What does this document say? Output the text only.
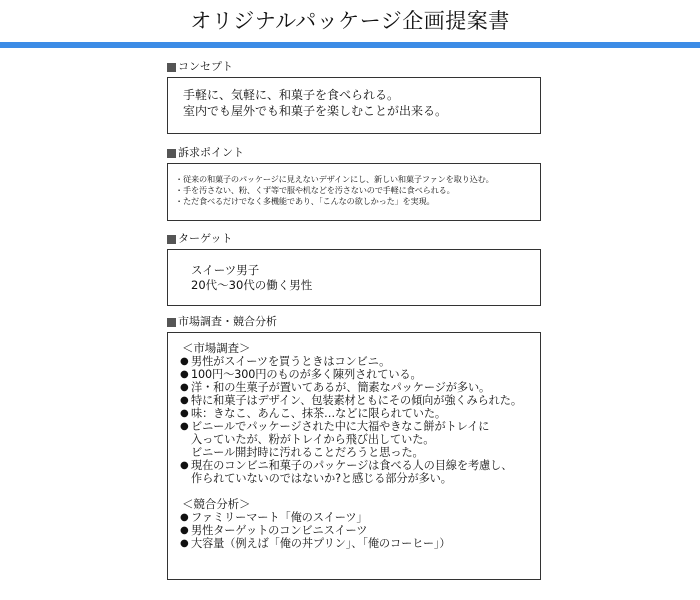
オリジナルパッケージ企画提案書
コンセプト
手軽に、気軽に、和菓子を食べられる。
室内でも屋外でも和菓子を楽しむことが出来る。
訴求ポイント
・従来の和菓子のパッケージに見えないデザインにし、新しい和菓子ファンを取り込む。
・手を汚さない、粉、くず等で服や机などを汚さないので手軽に食べられる。
・ただ食べるだけでなく多機能であり、「こんなの欲しかった」を実現。
ターゲット
スイーツ男子
20代～30代の働く男性
市場調査・競合分析
＜市場調査＞
● 男性がスイーツを買うときはコンビニ。
● 100円～300円のものが多く陳列されている。
● 洋・和の生菓子が置いてあるが、簡素なパッケージが多い。
● 特に和菓子はデザイン、包装素材ともにその傾向が強くみられた。
● 味：きなこ、あんこ、抹茶…などに限られていた。
● ビニールでパッケージされた中に大福やきなこ餅がトレイに
入っていたが、粉がトレイから飛び出していた。
ビニール開封時に汚れることだろうと思った。
● 現在のコンビニ和菓子のパッケージは食べる人の目線を考慮し、
作られていないのではないか?と感じる部分が多い。
＜競合分析＞
● ファミリーマート「俺のスイーツ」
● 男性ターゲットのコンビニスイーツ
● 大容量（例えば「俺の丼プリン」、「俺のコーヒー」）
